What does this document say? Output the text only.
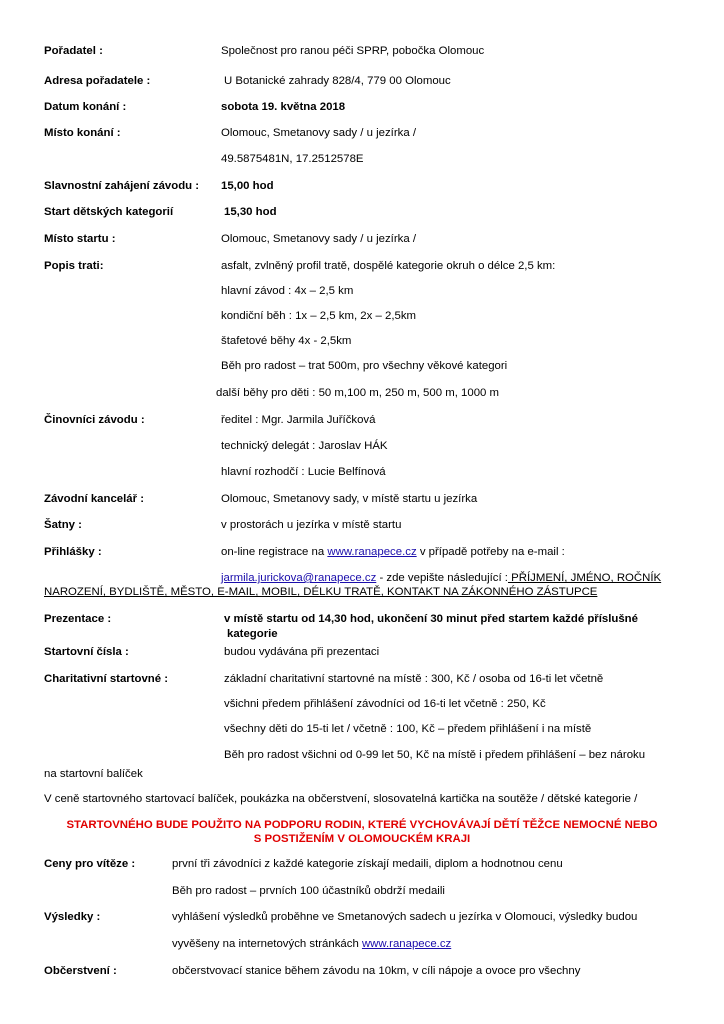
Pořadatel :	Společnost pro ranou péči SPRP, pobočka Olomouc
Adresa pořadatele :	U Botanické zahrady 828/4, 779 00 Olomouc
Datum konání :	sobota 19. května 2018
Místo konání :	Olomouc, Smetanovy sady / u jezírka /
49.5875481N, 17.2512578E
Slavnostní zahájení závodu : 15,00 hod
Start dětských kategorií	15,30 hod
Místo startu :	Olomouc, Smetanovy sady / u jezírka /
Popis trati:	asfalt, zvlněný profil tratě, dospělé kategorie okruh o délce 2,5 km:
hlavní závod : 4x – 2,5 km
kondiční běh : 1x – 2,5 km, 2x – 2,5km
štafetové běhy 4x - 2,5km
Běh pro radost – trat 500m, pro všechny věkové kategori
další běhy pro děti : 50 m,100 m, 250 m, 500 m, 1000 m
Činovníci závodu :	ředitel : Mgr. Jarmila Juříčková
technický delegát : Jaroslav HÁK
hlavní rozhodčí : Lucie Belfínová
Závodní kancelář :	Olomouc, Smetanovy sady, v místě startu u jezírka
Šatny :	v prostorách u jezírka v místě startu
Přihlášky :	on-line registrace na www.ranapece.cz v případě potřeby na e-mail :
jarmila.jurickova@ranapece.cz - zde vepište následující : PŘÍJMENÍ, JMÉNO, ROČNÍK
NAROZENÍ, BYDLIŠTĚ, MĚSTO, E-MAIL, MOBIL, DÉLKU TRATĚ, KONTAKT NA ZÁKONNÉHO ZÁSTUPCE
Prezentace :	v místě startu od 14,30 hod, ukončení 30 minut před startem každé příslušné
kategorie
Startovní čísla :	budou vydávána při prezentaci
Charitativní startovné :	základní charitativní startovné na místě : 300, Kč / osoba od 16-ti let včetně
všichni předem přihlášení závodníci od 16-ti let včetně : 250, Kč
všechny děti do 15-ti let / včetně : 100, Kč – předem přihlášení i na místě
Běh pro radost všichni od 0-99 let 50, Kč na místě i předem přihlášení – bez nároku
na startovní balíček
V ceně startovného startovací balíček, poukázka na občerstvení, slosovatelná kartička na soutěže / dětské kategorie /
STARTOVNÉHO BUDE POUŽITO NA PODPORU RODIN, KTERÉ VYCHOVÁVAJÍ DĚTÍ TĚŽCE NEMOCNÉ NEBO
S POSTIŽENÍM V OLOMOUCKÉM KRAJI
Ceny pro vítěze :	první tři závodníci z každé kategorie získají medaili, diplom a hodnotnou cenu
Běh pro radost – prvních 100 účastníků obdrží medaili
Výsledky :	vyhlášení výsledků proběhne ve Smetanových sadech u jezírka v Olomouci, výsledky budou
vyvěšeny na internetových stránkách www.ranapece.cz
Občerstvení :	občerstvovací stanice během závodu na 10km, v cíli nápoje a ovoce pro všechny
